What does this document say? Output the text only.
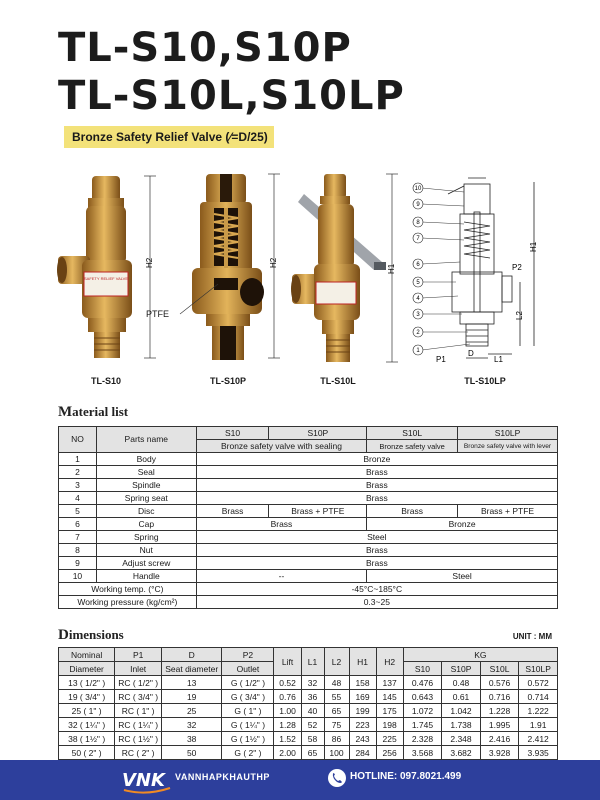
TL-S10,S10P
TL-S10L,S10LP
Bronze Safety Relief Valve (⁄=D/25)
SAFETY RELIEF VALVE
H2	H2
PTFE
H1
10
9
8
7
6
5
4
3
2
1
H1
L2
P2
P1
D
L1
TL-S10	TL-S10P	TL-S10L	TL-S10LP
Material list
NO	Parts name	S10	S10P	S10L	S10LP
		Bronze safety valve with sealing		Bronze safety valve	Bronze safety valve with lever
1	Body	Bronze			
2	Seal	Brass			
3	Spindle	Brass			
4	Spring seat	Brass			
5	Disc	Brass	Brass + PTFE	Brass	Brass + PTFE
6	Cap	Brass		Bronze	
7	Spring	Steel			
8	Nut	Brass			
9	Adjust screw	Brass			
10	Handle	--		Steel	
Working temp. (°C)		-45°C~185°C			
Working pressure (kg/cm²)		0.3~25			
Dimensions	UNIT : MM
Nominal	P1	D	P2	Lift	L1	L2	H1	H2	KG			
Diameter	Inlet	Seat diameter	Outlet						S10	S10P	S10L	S10LP
13 ( 1/2" )	RC ( 1/2" )	13	G ( 1/2" )	0.52	32	48	158	137	0.476	0.48	0.576	0.572
19 ( 3/4" )	RC ( 3/4" )	19	G ( 3/4" )	0.76	36	55	169	145	0.643	0.61	0.716	0.714
25 ( 1" )	RC ( 1" )	25	G ( 1" )	1.00	40	65	199	175	1.072	1.042	1.228	1.222
32 ( 1¼" )	RC ( 1¼" )	32	G ( 1¼" )	1.28	52	75	223	198	1.745	1.738	1.995	1.91
38 ( 1½" )	RC ( 1½" )	38	G ( 1½" )	1.52	58	86	243	225	2.328	2.348	2.416	2.412
50 ( 2" )	RC ( 2" )	50	G ( 2" )	2.00	65	100	284	256	3.568	3.682	3.928	3.935
VNK VANNHAPKHAUTHP	HOTLINE: 097.8021.499
